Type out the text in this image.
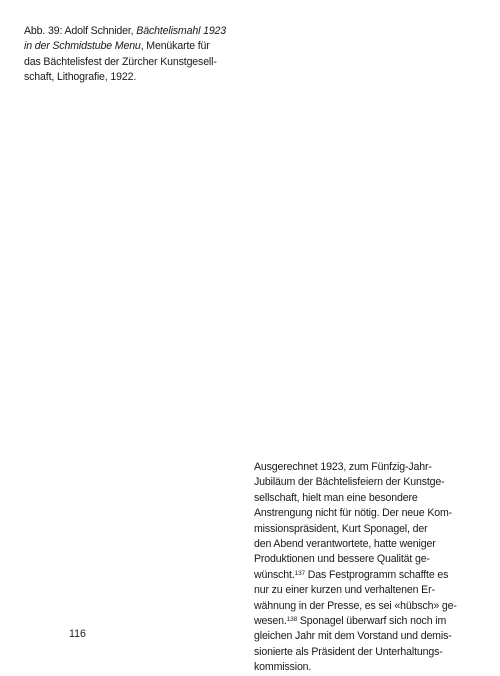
Abb. 39: Adolf Schnider, Bächtelismahl 1923
in der Schmidstube Menu, Menükarte für
das Bächtelisfest der Zürcher Kunstgesell-
schaft, Lithografie, 1922.
Ausgerechnet 1923, zum Fünfzig-Jahr-
Jubiläum der Bächtelisfeiern der Kunstge-
sellschaft, hielt man eine besondere
Anstrengung nicht für nötig. Der neue Kom-
missionspräsident, Kurt Sponagel, der
den Abend verantwortete, hatte weniger
Produktionen und bessere Qualität ge-
wünscht.$^{137}$ Das Festprogramm schaffte es
nur zu einer kurzen und verhaltenen Er-
wähnung in der Presse, es sei «hübsch» ge-
wesen.$^{138}$ Sponagel überwarf sich noch im
gleichen Jahr mit dem Vorstand und demis-
sionierte als Präsident der Unterhaltungs-
kommission.
116
